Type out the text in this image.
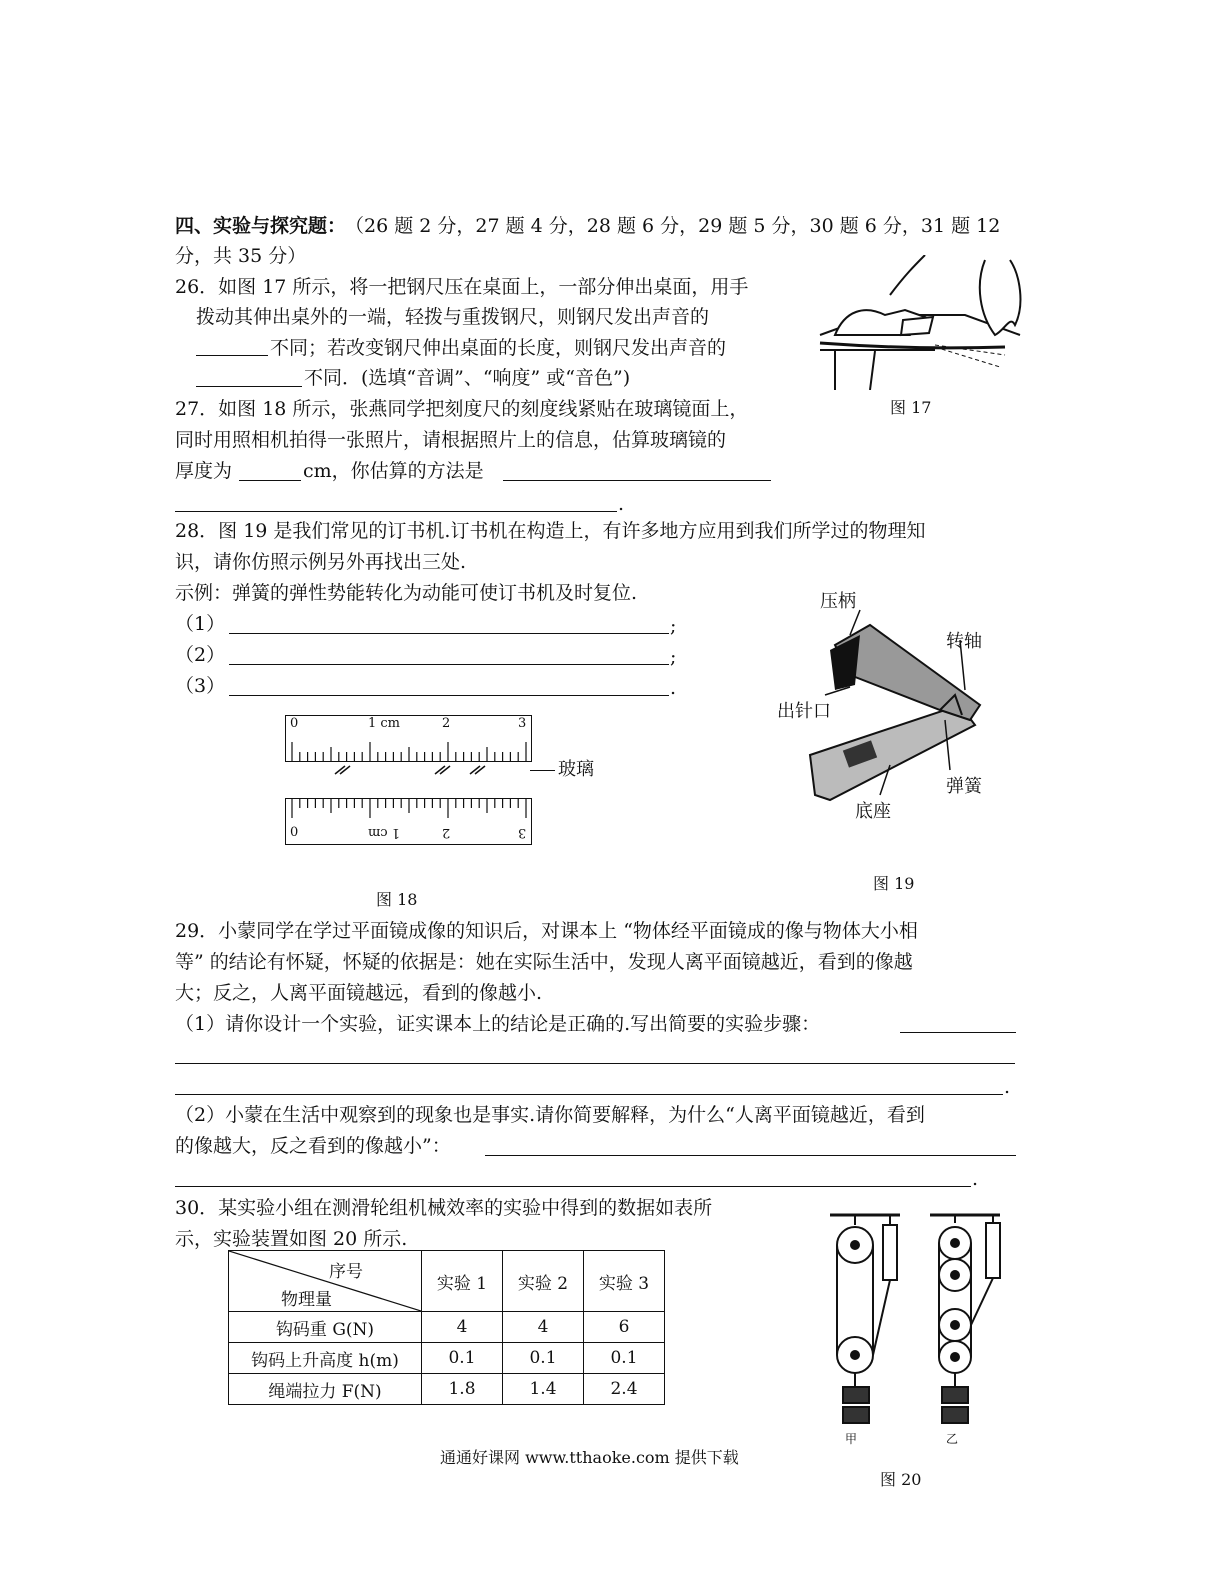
四、实验与探究题：
（26 题 2 分，27 题 4 分，28 题 6 分，29 题 5 分，30 题 6 分，31 题 12
分，共 35 分）
26．如图 17 所示，将一把钢尺压在桌面上，一部分伸出桌面，用手
拨动其伸出桌外的一端，轻拨与重拨钢尺，则钢尺发出声音的
不同；若改变钢尺伸出桌面的长度，则钢尺发出声音的
不同．(选填“音调”、“响度” 或“音色”)
图 17
27．如图 18 所示，张燕同学把刻度尺的刻度线紧贴在玻璃镜面上，
同时用照相机拍得一张照片，请根据照片上的信息，估算玻璃镜的
厚度为	cm，你估算的方法是
.
28．图 19 是我们常见的订书机.订书机在构造上，有许多地方应用到我们所学过的物理知
识，请你仿照示例另外再找出三处.
示例：弹簧的弹性势能转化为动能可使订书机及时复位.
（1）	;
（2）	;
（3）	.
0	1 cm	2	3
玻璃
0	1 cm	2	3
图 18
压柄
转轴
出针口
弹簧
底座
图 19
29．小蒙同学在学过平面镜成像的知识后，对课本上 “物体经平面镜成的像与物体大小相
等” 的结论有怀疑，怀疑的依据是：她在实际生活中，发现人离平面镜越近，看到的像越
大；反之，人离平面镜越远，看到的像越小.
（1）请你设计一个实验，证实课本上的结论是正确的.写出简要的实验步骤：
.
（2）小蒙在生活中观察到的现象也是事实.请你简要解释，为什么“人离平面镜越近，看到
的像越大，反之看到的像越小”：
.
30．某实验小组在测滑轮组机械效率的实验中得到的数据如表所
示，实验装置如图 20 所示.
序号
物理量	实验 1	实验 2	实验 3
钩码重 G(N)	4	4	6
钩码上升高度 h(m)	0.1	0.1	0.1
绳端拉力 F(N)	1.8	1.4	2.4
甲	乙
图 20
通通好课网 www.tthaoke.com 提供下载
